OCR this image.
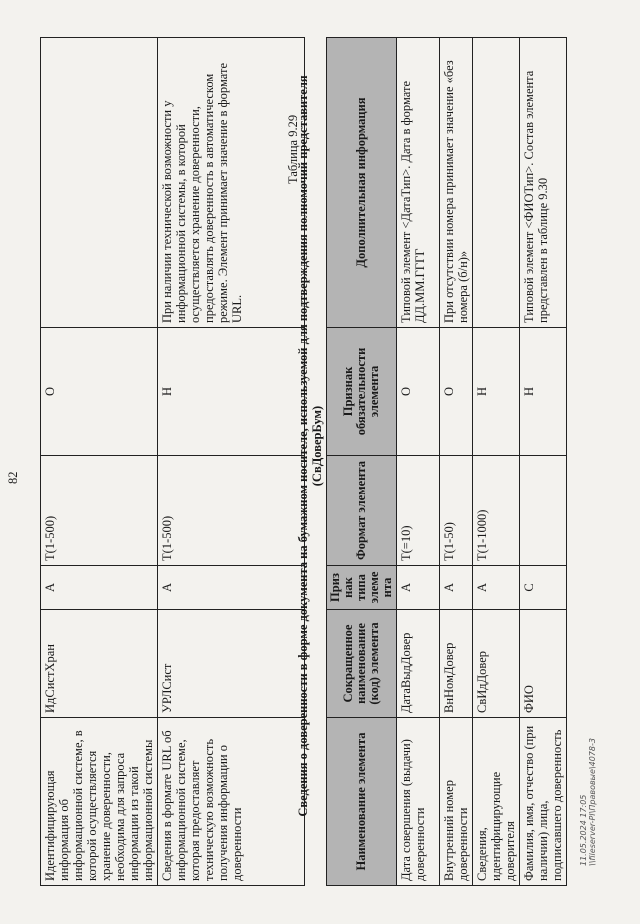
82
Идентифицирующая информация об информационной системе, в которой осуществляется хранение доверенности, необходима для запроса информации из такой информационной системы	ИдСистХран	A	T(1-500)	O	
Сведения в формате URL об информационной системе, которая предоставляет техническую возможность получения информации о доверенности	УРЛСист	A	T(1-500)	H	При наличии технической возможности у информационной системы, в которой осуществляется хранение доверенности, предоставлять доверенность в автоматическом режиме. Элемент принимает значение в формате URL.
Таблица 9.29
Сведения о доверенности в форме документа на бумажном носителе, используемой для подтверждения полномочий представителя (СвДоверБум)
Наименование элемента	Сокращенное наименование (код) элемента	Признак типа элемента	Формат элемента	Признак обязательности элемента	Дополнительная информация
Дата совершения (выдачи) доверенности	ДатаВыдДовер	A	T(=10)	O	Типовой элемент <ДатаТип>. Дата в формате ДД.ММ.ГГГГ
Внутренний номер доверенности	ВнНомДовер	A	T(1-50)	O	При отсутствии номера принимает значение «без номера (б/н)»
Сведения, идентифицирующие доверителя	СвИдДовер	A	T(1-1000)	H	
Фамилия, имя, отчество (при наличии) лица, подписавшего доверенность	ФИО	C		H	Типовой элемент <ФИОТип>. Состав элемента представлен в таблице 9.30
11.05.2024 17:05 \\fileserver-PI\Правовые\4078-3
